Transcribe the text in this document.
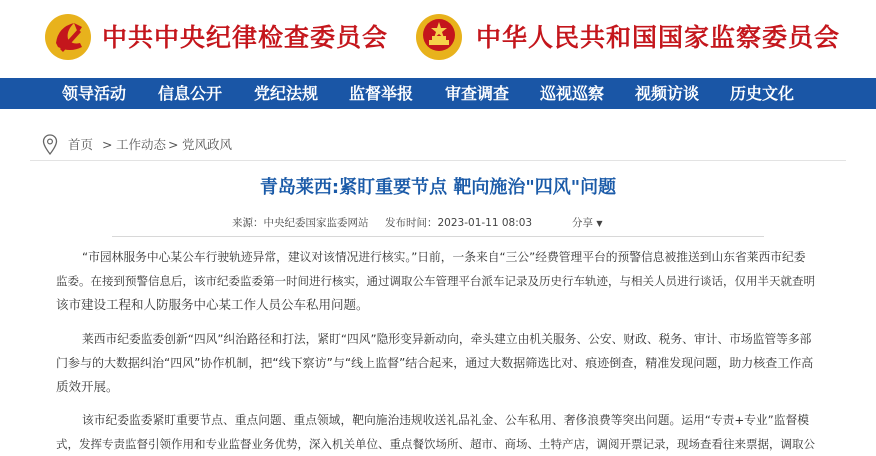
中共中央纪律检查委员会	中华人民共和国国家监察委员会
领导活动 信息公开 党纪法规 监督举报 审查调查 巡视巡察 视频访谈 历史文化
首页 > 工作动态 > 党风政风
青岛莱西:紧盯重要节点 靶向施治"四风"问题
来源：中央纪委国家监委网站 发布时间：2023-01-11 08:03	分享 ▼

“市园林服务中心某公车行驶轨迹异常，建议对该情况进行核实。”日前，一条来自“三公”经费管理平台的预警信息被推送到山东省莱西市纪委
监委。在接到预警信息后，该市纪委监委第一时间进行核实，通过调取公车管理平台派车记录及历史行车轨迹，与相关人员进行谈话，仅用半天就查明
该市建设工程和人防服务中心某工作人员公车私用问题。

莱西市纪委监委创新“四风”纠治路径和打法，紧盯“四风”隐形变异新动向，牵头建立由机关服务、公安、财政、税务、审计、市场监管等多部
门参与的大数据纠治“四风”协作机制，把“线下察访”与“线上监督”结合起来，通过大数据筛选比对、痕迹倒查，精准发现问题，助力核查工作高
质效开展。

该市纪委监委紧盯重要节点、重点问题、重点领域，靶向施治违规收送礼品礼金、公车私用、奢侈浪费等突出问题。运用“专责+专业”监督模
式，发挥专责监督引领作用和专业监督业务优势，深入机关单位、重点餐饮场所、超市、商场、土特产店，调阅开票记录，现场查看往来票据，调取公
